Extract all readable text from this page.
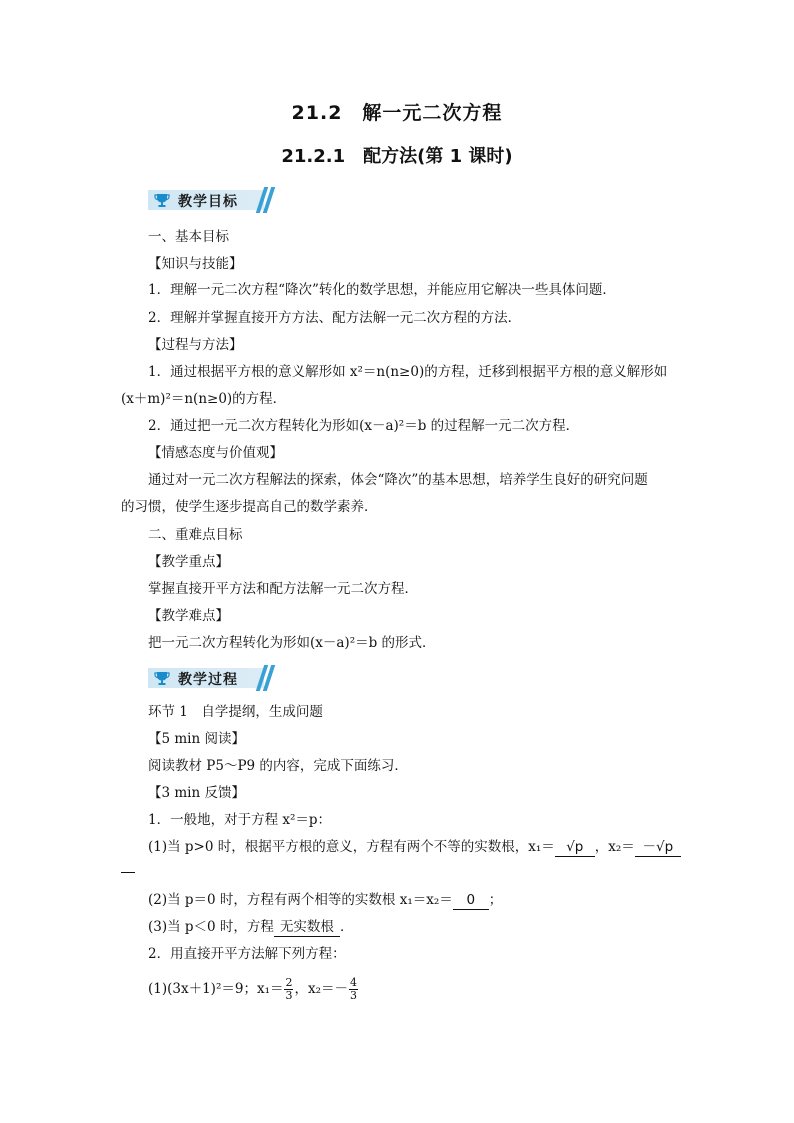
21.2　解一元二次方程
21.2.1　配方法(第 1 课时)
教学目标
一、基本目标
【知识与技能】
1．理解一元二次方程“降次”转化的数学思想，并能应用它解决一些具体问题．
2．理解并掌握直接开方方法、配方法解一元二次方程的方法．
【过程与方法】
1．通过根据平方根的意义解形如 x²＝n(n≥0)的方程，迁移到根据平方根的意义解形如
(x＋m)²＝n(n≥0)的方程．
2．通过把一元二次方程转化为形如(x－a)²＝b 的过程解一元二次方程．
【情感态度与价值观】
通过对一元二次方程解法的探索，体会“降次”的基本思想，培养学生良好的研究问题
的习惯，使学生逐步提高自己的数学素养．
二、重难点目标
【教学重点】
掌握直接开平方法和配方法解一元二次方程．
【教学难点】
把一元二次方程转化为形如(x－a)²＝b 的形式．
教学过程
环节 1　自学提纲，生成问题
【5 min 阅读】
阅读教材 P5～P9 的内容，完成下面练习．
【3 min 反馈】
1．一般地，对于方程 x²＝p：
(1)当 p>0 时，根据平方根的意义，方程有两个不等的实数根，x₁＝ √p ，x₂＝ －√p
(2)当 p＝0 时，方程有两个相等的实数根 x₁＝x₂＝ 0 ；
(3)当 p＜0 时，方程 无实数根 ．
2．用直接开平方法解下列方程：
(1)(3x＋1)²＝9；$x_1= \frac{2}{3}$ ，$x_2=- \frac{4}{3}$
